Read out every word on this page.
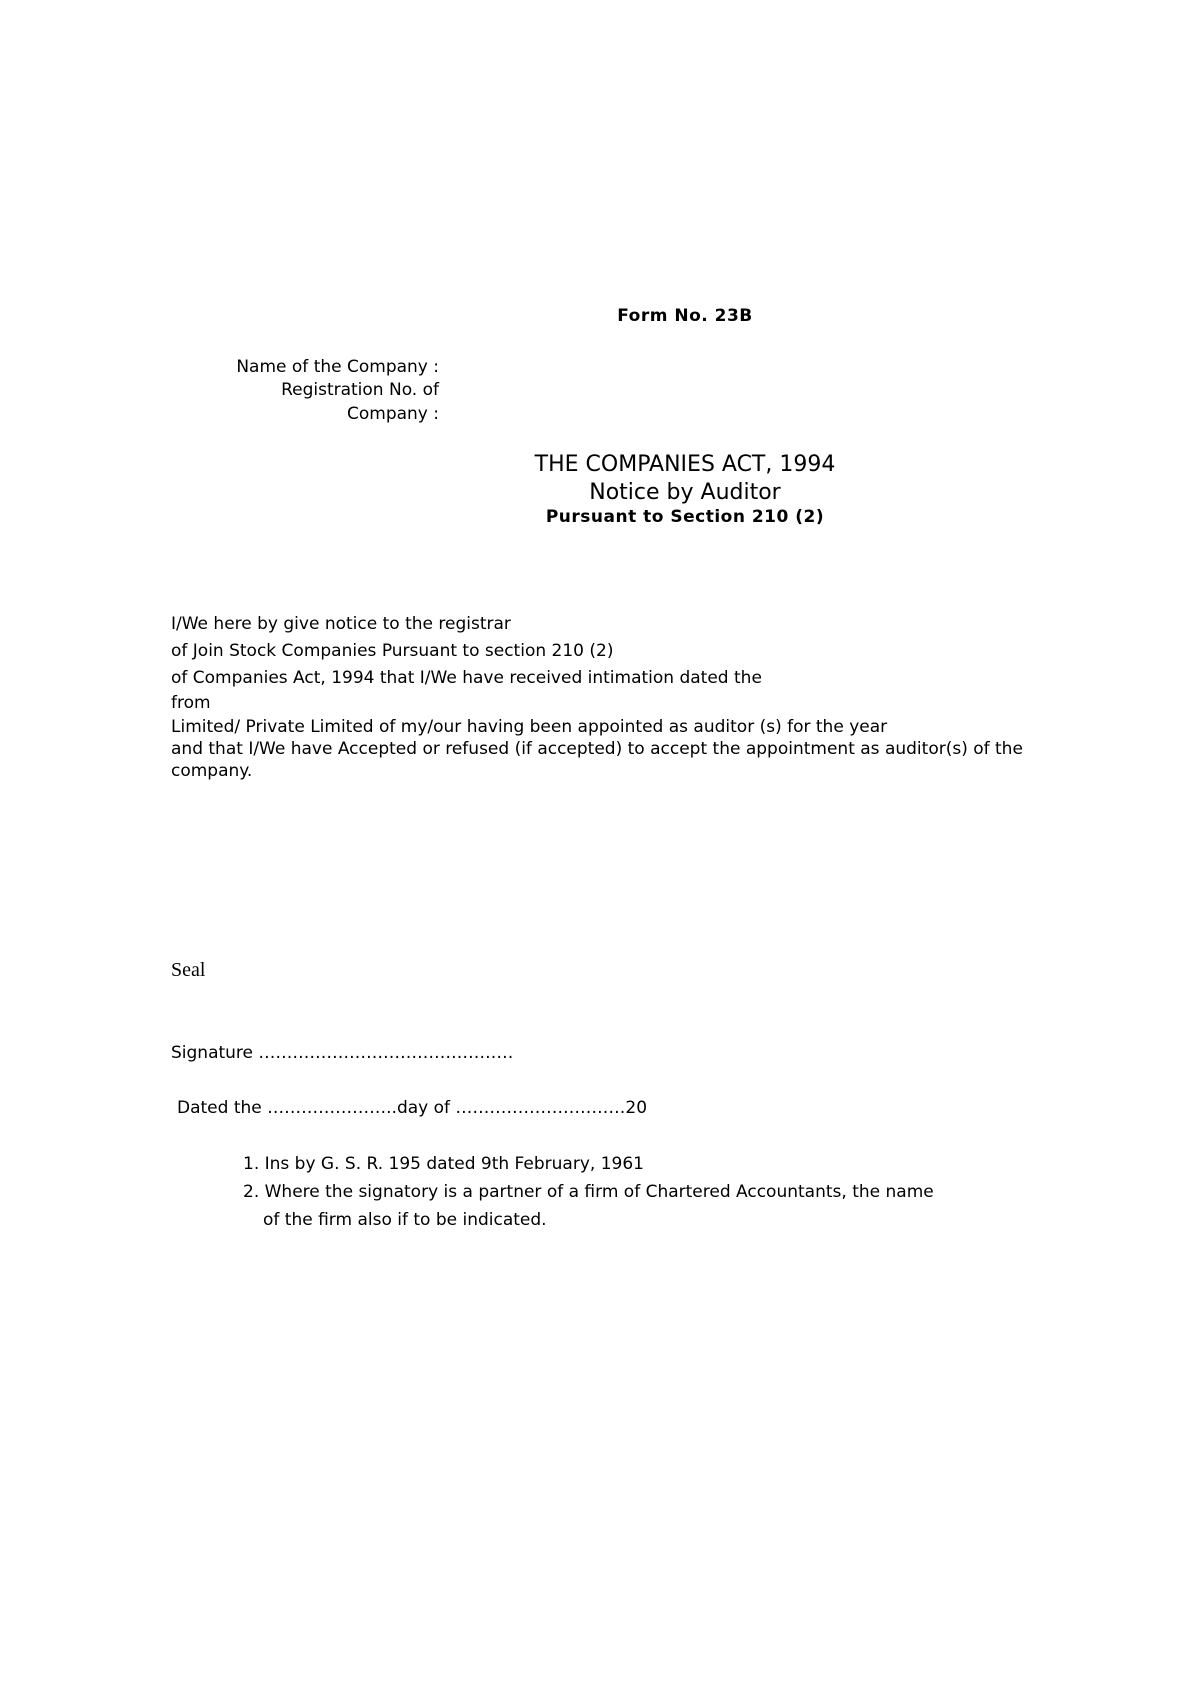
Form No. 23B
Name of the Company :
Registration No. of
Company :
THE COMPANIES ACT, 1994
Notice by Auditor
Pursuant to Section 210 (2)
I/We here by give notice to the registrar
of Join Stock Companies Pursuant to section 210 (2)
of Companies Act, 1994 that I/We have received intimation dated the
from
Limited/ Private Limited of my/our having been appointed as auditor (s) for the year
and that I/We have Accepted or refused (if accepted) to accept the appointment as auditor(s) of the
company.
Seal
Signature ………………………………………
Dated the …………………..day of …………………………20
1. Ins by G. S. R. 195 dated 9th February, 1961
2. Where the signatory is a partner of a firm of Chartered Accountants, the name
of the firm also if to be indicated.
